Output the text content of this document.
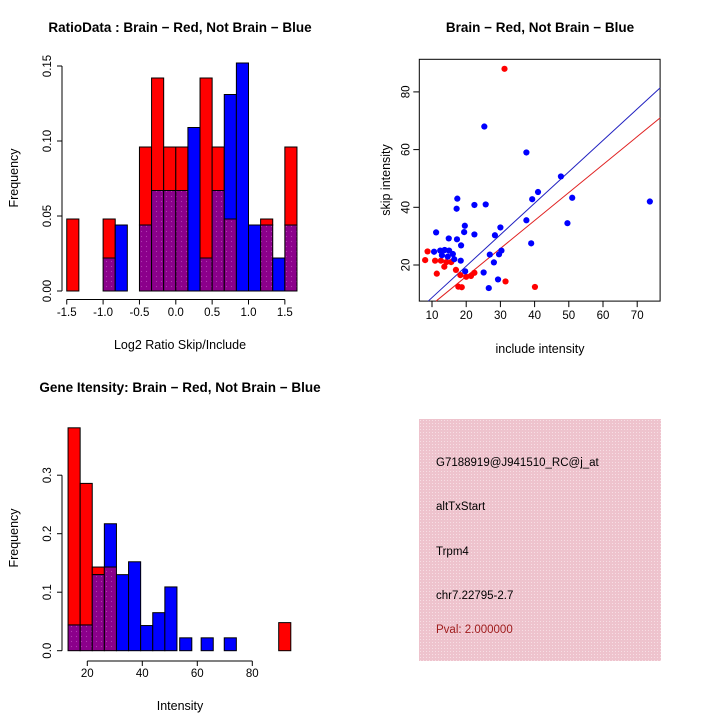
0.00
0.05
0.10
0.15
-1.5 -1.0 -0.5 0.0 0.5 1.0 1.5
RatioData : Brain − Red, Not Brain − Blue
Log2 Ratio Skip/Include
Frequency
10 20 30 40 50 60 70
20
40
60
80
Brain − Red, Not Brain − Blue
include intensity
skip intensity
0.0
0.1
0.2
0.3
20	40	60	80
Gene Itensity: Brain − Red, Not Brain − Blue
Intensity
Frequency
G7188919@J941510_RC@j_at
altTxStart
Trpm4
chr7.22795-2.7
Pval: 2.000000
